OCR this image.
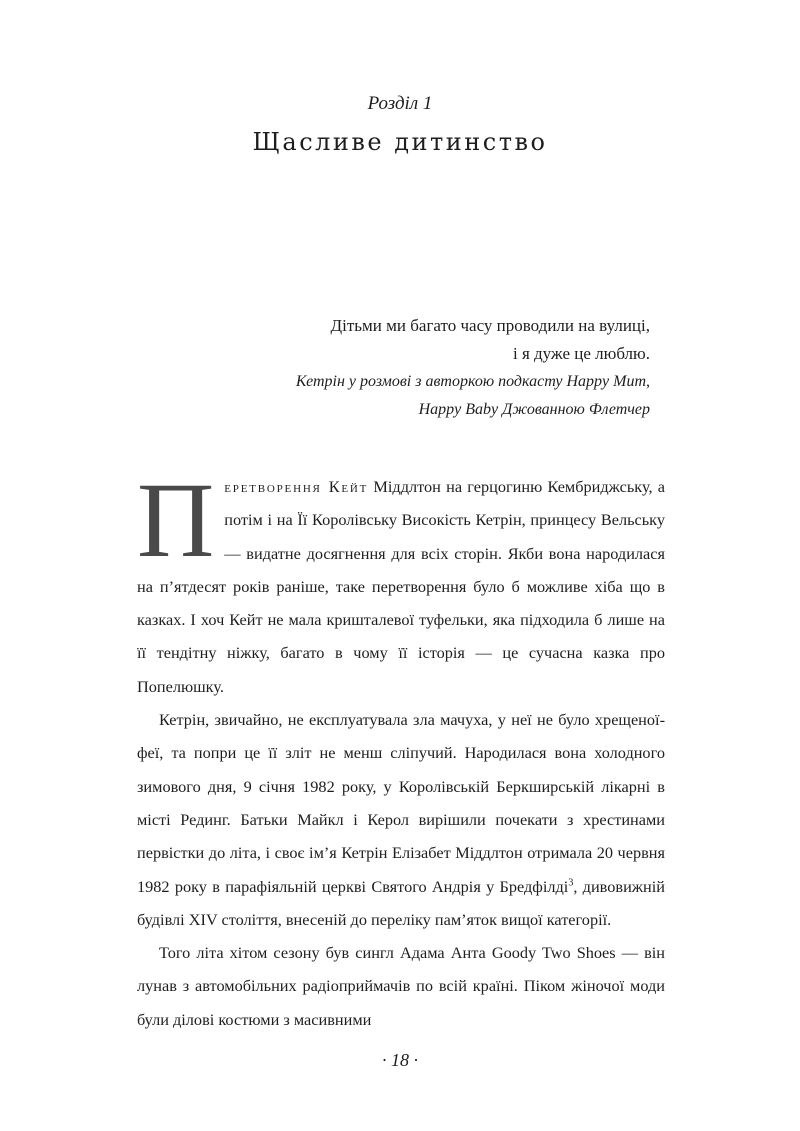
Розділ 1
Щасливе дитинство
Дітьми ми багато часу проводили на вулиці,
і я дуже це люблю.
Кетрін у розмові з авторкою подкасту Happy Mum,
Happy Baby Джованною Флетчер

Перетворення Кейт Міддлтон на герцогиню Кембриджську, а потім і на Її Королівську Високість Кетрін, принцесу Вельську — видатне досягнення для всіх сторін. Якби вона народилася на п’ятдесят років раніше, таке перетворення було б можливе хіба що в казках. І хоч Кейт не мала кришталевої туфельки, яка підходила б лише на її тендітну ніжку, багато в чому її історія — це сучасна казка про Попелюшку.

Кетрін, звичайно, не експлуатувала зла мачуха, у неї не було хрещеної-феї, та попри це її зліт не менш сліпучий. Народилася вона холодного зимового дня, 9 січня 1982 року, у Королівській Беркширській лікарні в місті Рединг. Батьки Майкл і Керол вирішили почекати з хрестинами первістки до літа, і своє ім’я Кетрін Елізабет Міддлтон отримала 20 червня 1982 року в парафіяльній церкві Святого Андрія у Бредфілді$^3$, дивовижній будівлі XIV століття, внесеній до переліку пам’яток вищої категорії.

Того літа хітом сезону був сингл Адама Анта Goody Two Shoes — він лунав з автомобільних радіоприймачів по всій країні. Піком жіночої моди були ділові костюми з масивними

· 18 ·
